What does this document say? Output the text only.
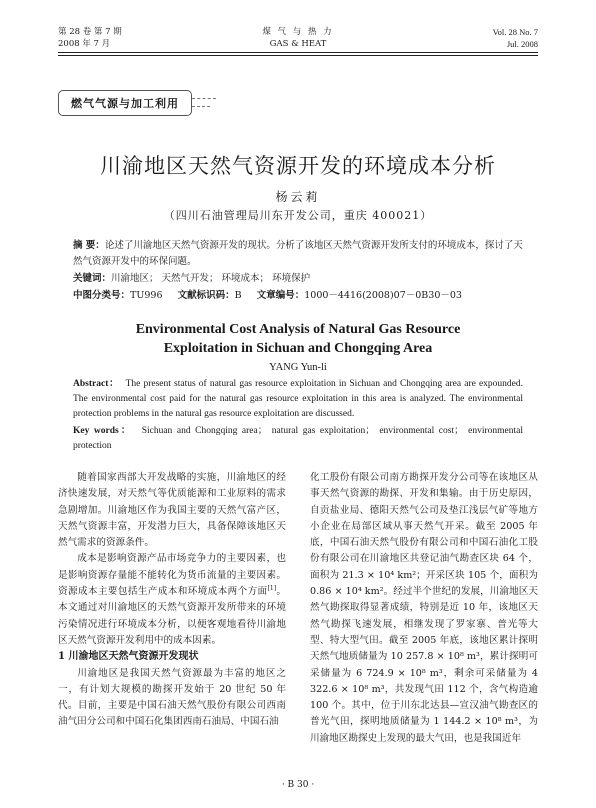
第 28 卷 第 7 期
2008 年 7 月
煤 气 与 热 力
GAS & HEAT
Vol. 28 No. 7
Jul. 2008
燃气气源与加工利用
川渝地区天然气资源开发的环境成本分析
杨云莉
（四川石油管理局川东开发公司，重庆 400021）
摘 要：论述了川渝地区天然气资源开发的现状。分析了该地区天然气资源开发所支付的环境成本，探讨了天然气资源开发中的环保问题。
关键词：川渝地区； 天然气开发； 环境成本； 环境保护
中图分类号：TU996 文献标识码：B 文章编号：1000－4416(2008)07－0B30－03
Environmental Cost Analysis of Natural Gas Resource
Exploitation in Sichuan and Chongqing Area
YANG Yun-li
Abstract： The present status of natural gas resource exploitation in Sichuan and Chongqing area are expounded. The environmental cost paid for the natural gas resource exploitation in this area is analyzed. The environmental protection problems in the natural gas resource exploitation are discussed.
Key words： Sichuan and Chongqing area； natural gas exploitation； environmental cost； environmental protection

随着国家西部大开发战略的实施，川渝地区的经济快速发展，对天然气等优质能源和工业原料的需求急剧增加。川渝地区作为我国主要的天然气富产区，天然气资源丰富，开发潜力巨大，具备保障该地区天然气需求的资源条件。

成本是影响资源产品市场竞争力的主要因素，也是影响资源存量能不能转化为货币流量的主要因素。资源成本主要包括生产成本和环境成本两个方面[1]。本文通过对川渝地区的天然气资源开发所带来的环境污染情况进行环境成本分析，以便客观地看待川渝地区天然气资源开发利用中的成本因素。

1 川渝地区天然气资源开发现状

川渝地区是我国天然气资源最为丰富的地区之一，有计划大规模的勘探开发始于 20 世纪 50 年代。目前，主要是中国石油天然气股份有限公司西南油气田分公司和中国石化集团西南石油局、中国石油

化工股份有限公司南方勘探开发分公司等在该地区从事天然气资源的勘探、开发和集输。由于历史原因，自贡盐业局、德阳天然气公司及垫江浅层气矿等地方小企业在局部区域从事天然气开采。截至 2005 年底，中国石油天然气股份有限公司和中国石油化工股份有限公司在川渝地区共登记油气勘查区块 64 个，面积为 21.3 × 10⁴ km²；开采区块 105 个，面积为 0.86 × 10⁴ km²。经过半个世纪的发展，川渝地区天然气勘探取得显著成绩，特别是近 10 年，该地区天然气勘探飞速发展，相继发现了罗家寨、普光等大型、特大型气田。截至 2005 年底，该地区累计探明天然气地质储量为 10 257.8 × 10⁸ m³，累计探明可采储量为 6 724.9 × 10⁸ m³，剩余可采储量为 4 322.6 × 10⁸ m³，共发现气田 112 个，含气构造逾 100 个。其中，位于川东北达县—宣汉油气勘查区的普光气田，探明地质储量为 1 144.2 × 10⁸ m³，为川渝地区勘探史上发现的最大气田，也是我国近年

· B 30 ·
